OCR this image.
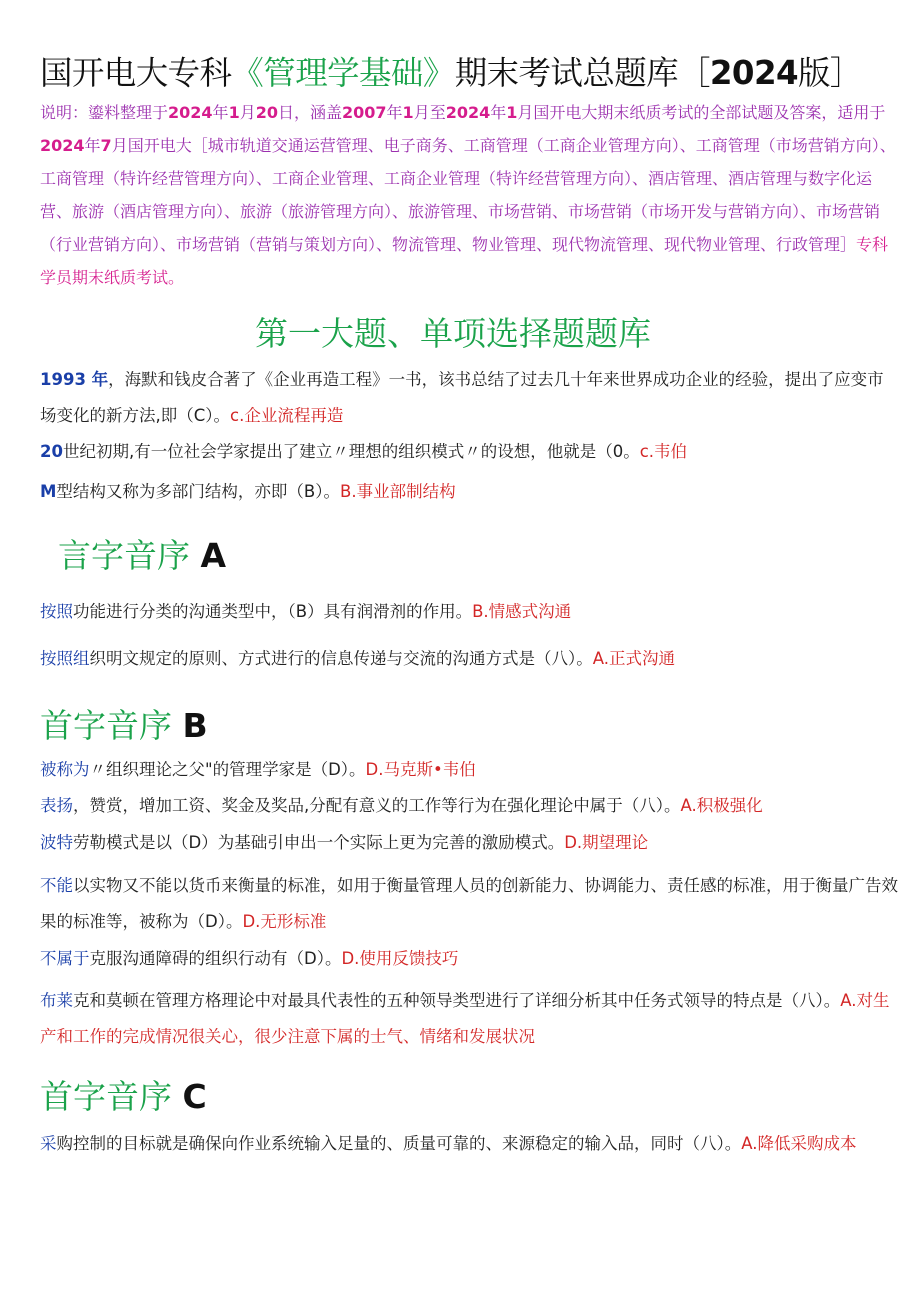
国开电大专科《管理学基础》期末考试总题库［2024版］
说明：鎏料整理于2024年1月20日，涵盖2007年1月至2024年1月国开电大期末纸质考试的全部试题及答案，适用于2024年7月国开电大［城市轨道交通运营管理、电子商务、工商管理（工商企业管理方向）、工商管理（市场营销方向）、工商管理（特许经营管理方向）、工商企业管理、工商企业管理（特许经营管理方向）、酒店管理、酒店管理与数字化运营、旅游（酒店管理方向）、旅游（旅游管理方向）、旅游管理、市场营销、市场营销（市场开发与营销方向）、市场营销（行业营销方向）、市场营销（营销与策划方向）、物流管理、物业管理、现代物流管理、现代物业管理、行政管理］专科学员期末纸质考试。
第一大题、单项选择题题库
1993 年，海默和钱皮合著了《企业再造工程》一书，该书总结了过去几十年来世界成功企业的经验，提出了应变市场变化的新方法,即（C）。c.企业流程再造
20世纪初期,有一位社会学家提出了建立〃理想的组织模式〃的设想，他就是（0。c.韦伯
M型结构又称为多部门结构，亦即（B）。B.事业部制结构
言字音序 A
按照功能进行分类的沟通类型中，（B）具有润滑剂的作用。B.情感式沟通
按照组织明文规定的原则、方式进行的信息传递与交流的沟通方式是（八）。A.正式沟通
首字音序 B
被称为〃组织理论之父"的管理学家是（D）。D.马克斯•韦伯
表扬，赞赏，增加工资、奖金及奖品,分配有意义的工作等行为在强化理论中属于（八）。A.积极强化
波特劳勒模式是以（D）为基础引申出一个实际上更为完善的激励模式。D.期望理论
不能以实物又不能以货币来衡量的标准，如用于衡量管理人员的创新能力、协调能力、责任感的标准，用于衡量广告效果的标准等，被称为（D）。D.无形标准
不属于克服沟通障碍的组织行动有（D）。D.使用反馈技巧
布莱克和莫顿在管理方格理论中对最具代表性的五种领导类型进行了详细分析其中任务式领导的特点是（八）。A.对生产和工作的完成情况很关心，很少注意下属的士气、情绪和发展状况
首字音序 C
采购控制的目标就是确保向作业系统输入足量的、质量可靠的、来源稳定的输入品，同时（八）。A.降低采购成本
